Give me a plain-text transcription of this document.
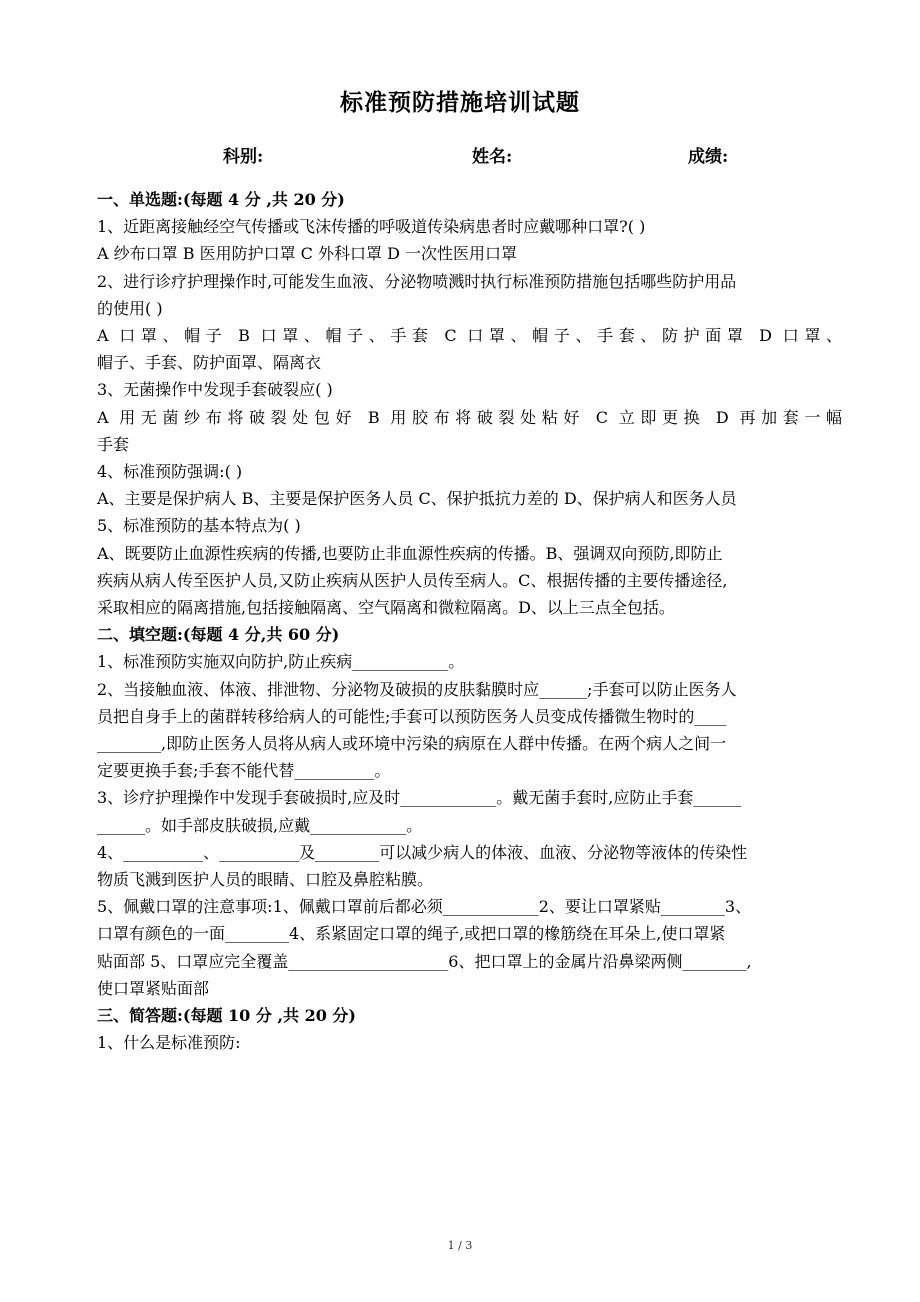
标准预防措施培训试题
科别:	姓名:	成绩:
一、单选题:(每题 4 分 ,共 20 分)
1、近距离接触经空气传播或飞沫传播的呼吸道传染病患者时应戴哪种口罩?( )
A 纱布口罩 B 医用防护口罩 C 外科口罩 D 一次性医用口罩
2、进行诊疗护理操作时,可能发生血液、分泌物喷溅时执行标准预防措施包括哪些防护用品
的使用( )
A 口罩、帽子 B 口罩、帽子、手套 C 口罩、帽子、手套、防护面罩 D 口罩、
帽子、手套、防护面罩、隔离衣
3、无菌操作中发现手套破裂应( )
A 用无菌纱布将破裂处包好 B 用胶布将破裂处粘好 C 立即更换 D 再加套一幅
手套
4、标准预防强调:( )
A、主要是保护病人 B、主要是保护医务人员 C、保护抵抗力差的 D、保护病人和医务人员
5、标准预防的基本特点为( )
A、既要防止血源性疾病的传播,也要防止非血源性疾病的传播。B、强调双向预防,即防止
疾病从病人传至医护人员,又防止疾病从医护人员传至病人。C、根据传播的主要传播途径,
采取相应的隔离措施,包括接触隔离、空气隔离和微粒隔离。D、以上三点全包括。
二、填空题:(每题 4 分,共 60 分)
1、标准预防实施双向防护,防止疾病____________。
2、当接触血液、体液、排泄物、分泌物及破损的皮肤黏膜时应______;手套可以防止医务人
员把自身手上的菌群转移给病人的可能性;手套可以预防医务人员变成传播微生物时的____
________,即防止医务人员将从病人或环境中污染的病原在人群中传播。在两个病人之间一
定要更换手套;手套不能代替__________。
3、诊疗护理操作中发现手套破损时,应及时____________。戴无菌手套时,应防止手套______
______。如手部皮肤破损,应戴____________。
4、__________、__________及________可以减少病人的体液、血液、分泌物等液体的传染性
物质飞溅到医护人员的眼睛、口腔及鼻腔粘膜。
5、佩戴口罩的注意事项:1、佩戴口罩前后都必须____________2、要让口罩紧贴________3、
口罩有颜色的一面________4、系紧固定口罩的绳子,或把口罩的橡筋绕在耳朵上,使口罩紧
贴面部 5、口罩应完全覆盖____________________6、把口罩上的金属片沿鼻梁两侧________,
使口罩紧贴面部
三、简答题:(每题 10 分 ,共 20 分)
1、什么是标准预防:
1 / 3
